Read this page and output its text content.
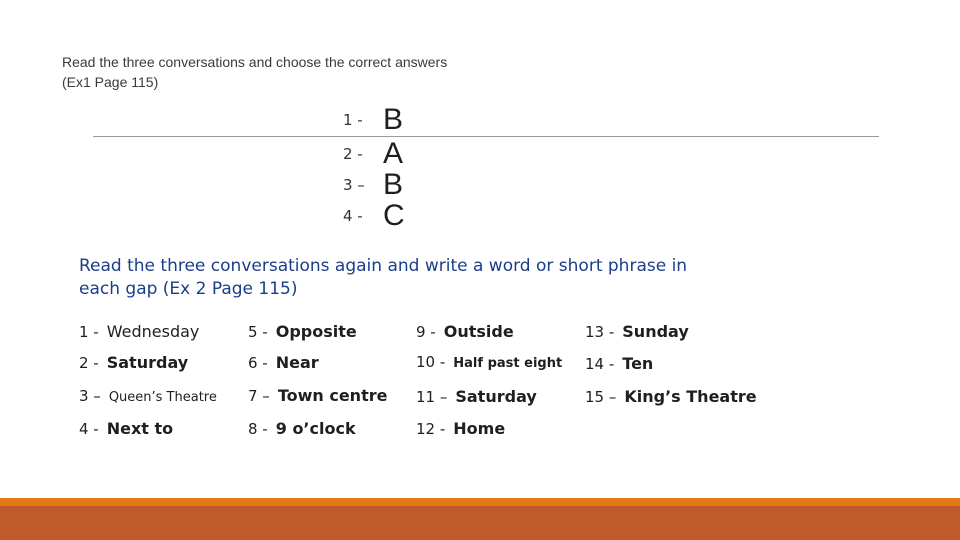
Read the three conversations and choose the correct answers
(Ex1 Page 115)
1 - B
2 - A
3 – B
4 - C
Read the three conversations again and write a word or short phrase in
each gap (Ex 2 Page 115)
1 - Wednesday
2 - Saturday
3 – Queen’s Theatre
4 - Next to
5 - Opposite
6 - Near
7 – Town centre
8 - 9 o’clock
9 - Outside
10 - Half past eight
11 – Saturday
12 - Home
13 - Sunday
14 - Ten
15 – King’s Theatre
